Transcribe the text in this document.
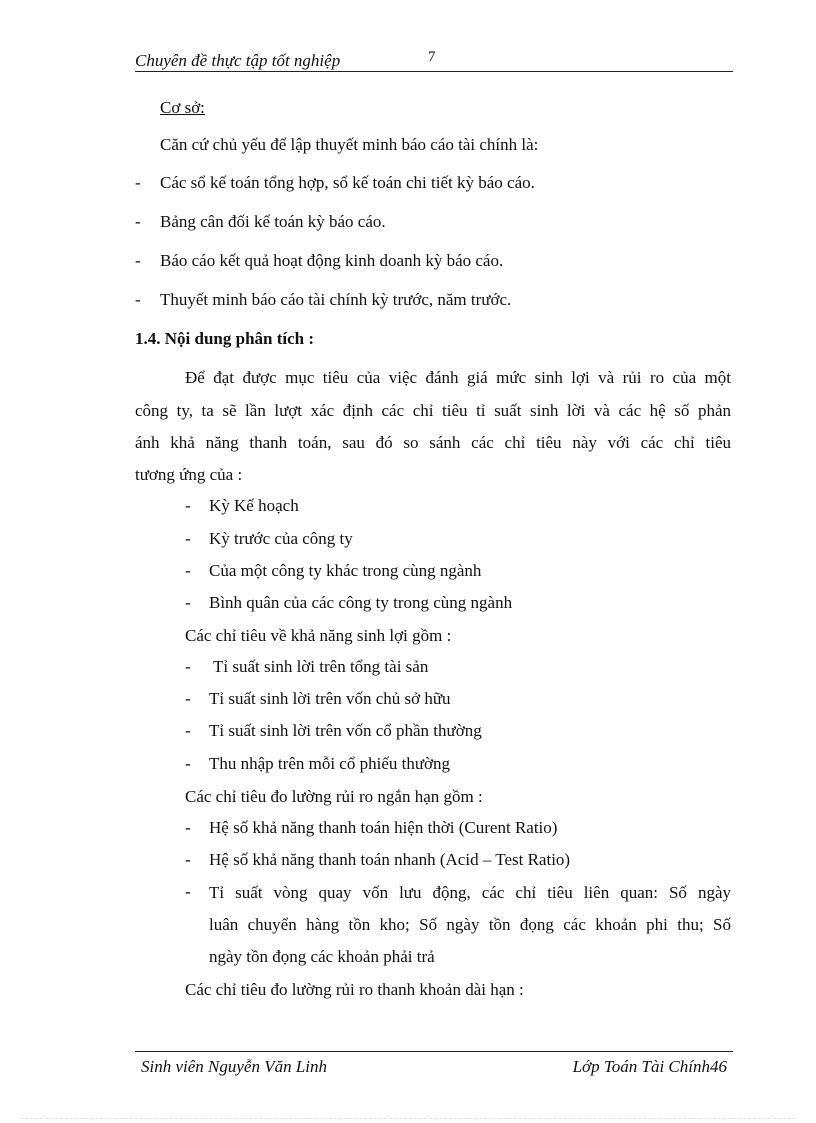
Chuyên đề thực tập tốt nghiệp	7
Cơ sở:
Căn cứ chủ yếu để lập thuyết minh báo cáo tài chính là:
-	Các sổ kế toán tổng hợp, sổ kế toán chi tiết kỳ báo cáo.
-	Bảng cân đối kế toán kỳ báo cáo.
-	Báo cáo kết quả hoạt động kinh doanh kỳ báo cáo.
-	Thuyết minh báo cáo tài chính kỳ trước, năm trước.
1.4. Nội dung phân tích :
Để đạt được mục tiêu của việc đánh giá mức sinh lợi và rủi ro của một
công ty, ta sẽ lần lượt xác định các chỉ tiêu tỉ suất sinh lời và các hệ số phản
ánh khả năng thanh toán, sau đó so sánh các chỉ tiêu này với các chỉ tiêu
tương ứng của :
-	Kỳ Kế hoạch
-	Kỳ trước của công ty
-	Của một công ty khác trong cùng ngành
-	Bình quân của các công ty trong cùng ngành
Các chỉ tiêu về khả năng sinh lợi gồm :
-	Tỉ suất sinh lời trên tổng tài sản
-	Tỉ suất sinh lời trên vốn chủ sở hữu
-	Tỉ suất sinh lời trên vốn cổ phần thường
-	Thu nhập trên mỗi cổ phiếu thường
Các chỉ tiêu đo lường rủi ro ngắn hạn gồm :
-	Hệ số khả năng thanh toán hiện thời (Curent Ratio)
-	Hệ số khả năng thanh toán nhanh (Acid – Test Ratio)
-	Tỉ suất vòng quay vốn lưu động, các chỉ tiêu liên quan: Số ngày
luân chuyển hàng tồn kho; Số ngày tồn đọng các khoản phi thu; Số
ngày tồn đọng các khoản phải trả
Các chỉ tiêu đo lường rủi ro thanh khoản dài hạn :
Sinh viên Nguyễn Văn Linh	Lớp Toán Tài Chính46
